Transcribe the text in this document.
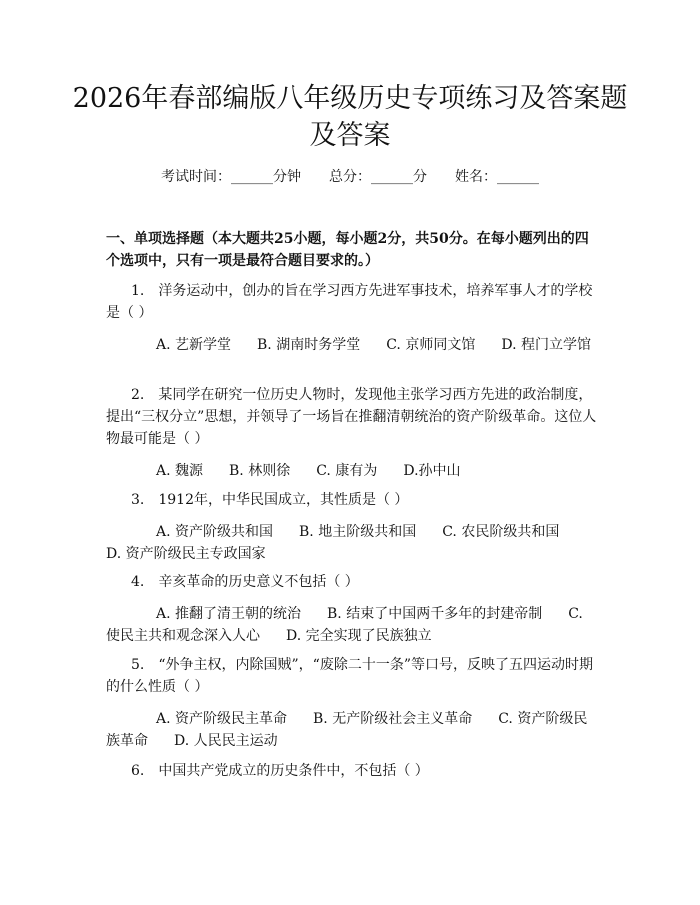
2026年春部编版八年级历史专项练习及答案题及答案
考试时间：______分钟　　总分：______分　　姓名：______
一、单项选择题（本大题共25小题，每小题2分，共50分。在每小题列出的四个选项中，只有一项是最符合题目要求的。）

1.　洋务运动中，创办的旨在学习西方先进军事技术，培养军事人才的学校是（ ）

A. 艺新学堂 B. 湖南时务学堂 C. 京师同文馆 D. 程门立学馆

2.　某同学在研究一位历史人物时，发现他主张学习西方先进的政治制度，提出“三权分立”思想，并领导了一场旨在推翻清朝统治的资产阶级革命。这位人物最可能是（ ）

A. 魏源 B. 林则徐 C. 康有为 D.孙中山

3.　1912年，中华民国成立，其性质是（ ）

A. 资产阶级共和国 B. 地主阶级共和国 C. 农民阶级共和国D. 资产阶级民主专政国家

4.　辛亥革命的历史意义不包括（ ）

A. 推翻了清王朝的统治 B. 结束了中国两千多年的封建帝制 C. 使民主共和观念深入人心 D. 完全实现了民族独立

5.　“外争主权，内除国贼”，“废除二十一条”等口号，反映了五四运动时期的什么性质（ ）

A. 资产阶级民主革命 B. 无产阶级社会主义革命 C. 资产阶级民族革命 D. 人民民主运动

6.　中国共产党成立的历史条件中，不包括（ ）
